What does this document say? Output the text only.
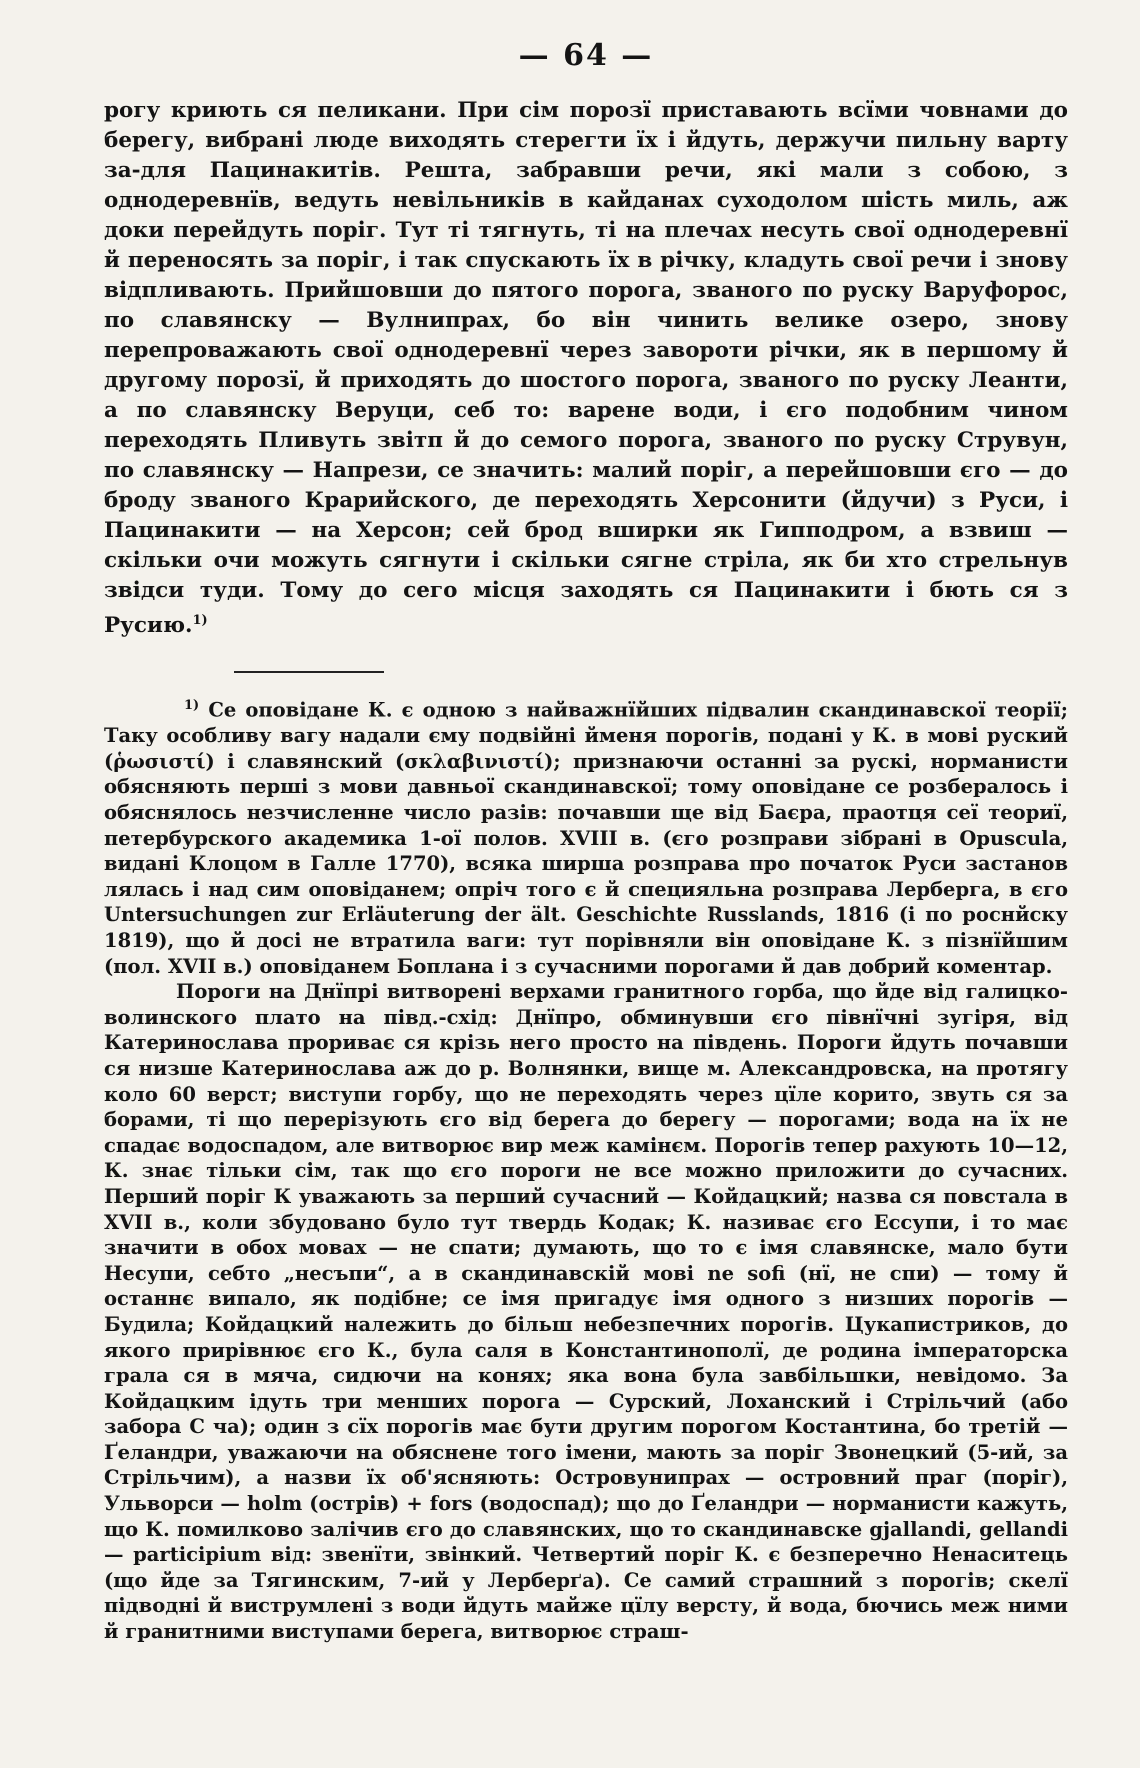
— 64 —

рогу криють ся пеликани. При сім порозї приставають всїми човнами до берегу, вибрані люде виходять стерегти їх і йдуть, держучи пильну варту за-для Пацинакитів. Решта, забравши речи, які мали з собою, з однодеревнїв, ведуть невільників в кайданах суходолом шість миль, аж доки перейдуть поріг. Тут ті тягнуть, ті на плечах несуть свої однодеревнї й переносять за поріг, і так спускають їх в річку, кладуть свої речи і знову відпливають. Прийшовши до пятого порога, званого по руску Варуфорос, по славянску — Вулнипрах, бо він чинить велике озеро, знову перепроважають свої однодеревнї через завороти річки, як в першому й другому порозї, й приходять до шостого порога, званого по руску Леанти, а по славянску Веруци, себ то: варене води, і єго подобним чином переходять Пливуть звітп й до семого порога, званого по руску Струвун, по славянску — Напрези, се значить: малий поріг, а перейшовши єго — до броду званого Крарийского, де переходять Херсонити (йдучи) з Руси, і Пацинакити — на Херсон; сей брод вширки як Гипподром, а взвиш — скільки очи можуть сягнути і скільки сягне стріла, як би хто стрельнув звідси туди. Тому до сего місця заходять ся Пацинакити і бють ся з Русию.$^{1)}$

$^{1)}$ Се оповідане К. є одною з найважнїйших підвалин скандинавскої теорії; Таку особливу вагу надали єму подвійні йменя порогів, подані у К. в мові руский (ῥωσιστί) і славянский (σκλαβινιστί); признаючи останні за рускі, норманисти обясняють перші з мови давньої скандинавскої; тому оповідане се розбералось і обяснялось незчисленне число разів: почавши ще від Баєра, праотця сеї теориї, петербурского академика 1-ої полов. XVIII в. (єго розправи зібрані в Opuscula, видані Клоцом в Галле 1770), всяка ширша розправа про початок Руси застанов лялась і над сим оповіданем; опріч того є й специяльна розправа Лерберга, в єго Untersuchungen zur Erläuterung der ält. Geschichte Russlands, 1816 (і по роснйску 1819), що й досі не втратила ваги: тут порівняли він оповідане К. з пізнїйшим (пол. XVII в.) оповіданем Боплана і з сучасними порогами й дав добрий коментар.

Пороги на Днїпрі витворені верхами гранитного горба, що йде від галицко-волинского плато на півд.-схід: Днїпро, обминувши єго півнїчні зугіря, від Катеринослава прориває ся крізь него просто на південь. Пороги йдуть почавши ся низше Катеринослава аж до р. Волнянки, вище м. Александровска, на протягу коло 60 верст; виступи горбу, що не переходять через цїле корито, звуть ся за борами, ті що перерізують єго від берега до берегу — порогами; вода на їх не спадає водоспадом, але витворює вир меж камінєм. Порогів тепер рахують 10—12, К. знає тільки сім, так що єго пороги не все можно приложити до сучасних. Перший поріг К уважають за перший сучасний — Койдацкий; назва ся повстала в XVII в., коли збудовано було тут твердь Кодак; К. називає єго Ессупи, і то має значити в обох мовах — не спати; думають, що то є імя славянске, мало бути Несупи, себто „несъпи“, а в скандинавскій мові ne sofi (нї, не спи) — тому й останнє випало, як подібне; се імя пригадує імя одного з низших порогів — Будила; Койдацкий належить до більш небезпечних порогів. Цукапистриков, до якого прирівнює єго К., була саля в Константинополї, де родина імператорска грала ся в мяча, сидючи на конях; яка вона була завбільшки, невідомо. За Койдацким ідуть три менших порога — Сурский, Лоханский і Стрільчий (або забора С ча); один з сїх порогів має бути другим порогом Костантина, бо третій — Ґеландри, уважаючи на обяснене того імени, мають за поріг Звонецкий (5-ий, за Стрільчим), а назви їх об'ясняють: Островунипрах — островний праг (поріг), Ульворси — holm (острів) + fors (водоспад); що до Ґеландри — норманисти кажуть, що К. помилково залічив єго до славянских, що то скандинавске gjallandi, gellandi — participium від: звенїти, звінкий. Четвертий поріг К. є безперечно Ненаситець (що йде за Тягинским, 7-ий у Лерберґа). Се самий страшний з порогів; скелї підводні й виструмлені з води йдуть майже цїлу версту, й вода, бючись меж ними й гранитними виступами берега, витворює страш-
